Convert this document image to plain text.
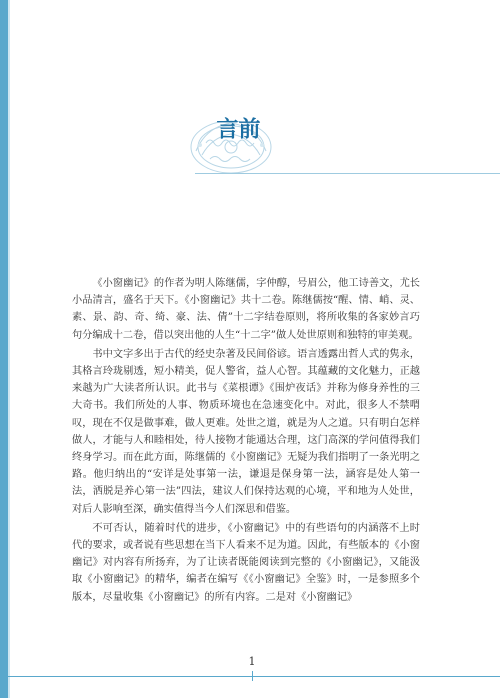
前
言

《小窗幽记》的作者为明人陈继儒，字仲醇，号眉公，他工诗善文，尤长小品清言，盛名于天下。《小窗幽记》共十二卷。陈继儒按“醒、情、峭、灵、素、景、韵、奇、绮、豪、法、倩”十二字结卷原则，将所收集的各家妙言巧句分编成十二卷，借以突出他的人生“十二字”做人处世原则和独特的审美观。

书中文字多出于古代的经史杂著及民间俗谚。语言透露出哲人式的隽永，其格言玲珑剔透，短小精美，促人警省，益人心智。其蕴藏的文化魅力，正越来越为广大读者所认识。此书与《菜根谭》《围炉夜话》并称为修身养性的三大奇书。我们所处的人事、物质环境也在急速变化中。对此，很多人不禁喟叹，现在不仅是做事难，做人更难。处世之道，就是为人之道。只有明白怎样做人，才能与人和睦相处，待人接物才能通达合理，这门高深的学问值得我们终身学习。而在此方面，陈继儒的《小窗幽记》无疑为我们指明了一条光明之路。他归纳出的“安详是处事第一法，谦退是保身第一法，涵容是处人第一法，洒脱是养心第一法”四法，建议人们保持达观的心境，平和地为人处世，对后人影响至深，确实值得当今人们深思和借鉴。

不可否认，随着时代的进步，《小窗幽记》中的有些语句的内涵落不上时代的要求，或者说有些思想在当下人看来不足为道。因此，有些版本的《小窗幽记》对内容有所扬弃，为了让读者既能阅读到完整的《小窗幽记》，又能汲取《小窗幽记》的精华，编者在编写《《小窗幽记》全鉴》时，一是参照多个版本，尽量收集《小窗幽记》的所有内容。二是对《小窗幽记》

1
